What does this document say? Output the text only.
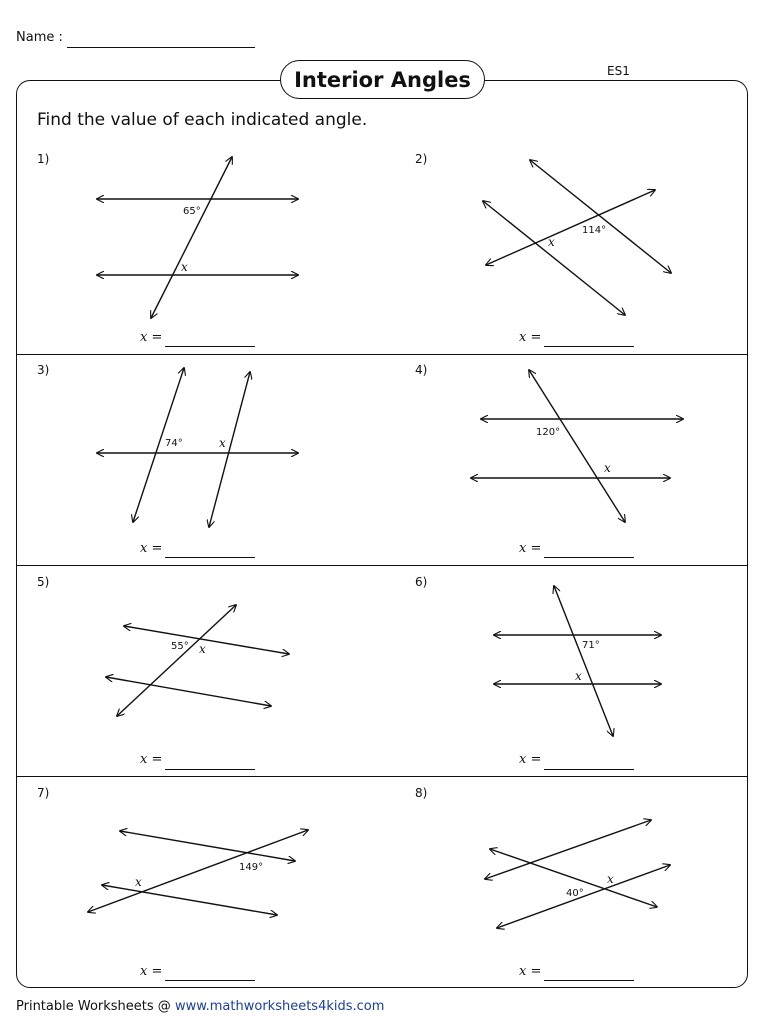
Name :
ES1
Interior Angles
Find the value of each indicated angle.
1)	2)
3)	4)
5)	6)
7)	8)
x =	x =
x =	x =
x =	x =
x =	x =
65°
x
114°
x
74°	x
120°
x
55° x	71°
x
149°
x
40°
x
Printable Worksheets @ www.mathworksheets4kids.com
